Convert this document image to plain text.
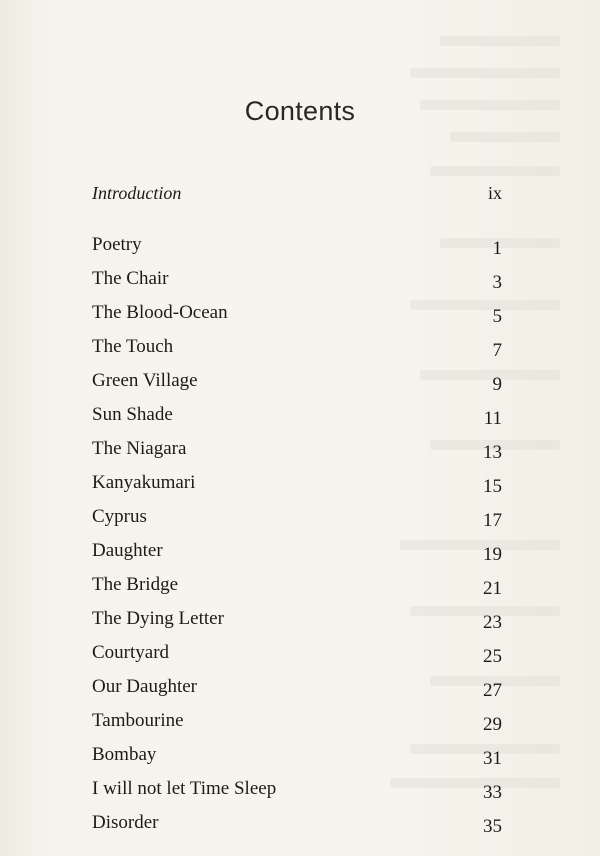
Contents
Introduction	ix
Poetry	1
The Chair	3
The Blood-Ocean	5
The Touch	7
Green Village	9
Sun Shade	11
The Niagara	13
Kanyakumari	15
Cyprus	17
Daughter	19
The Bridge	21
The Dying Letter	23
Courtyard	25
Our Daughter	27
Tambourine	29
Bombay	31
I will not let Time Sleep	33
Disorder	35
